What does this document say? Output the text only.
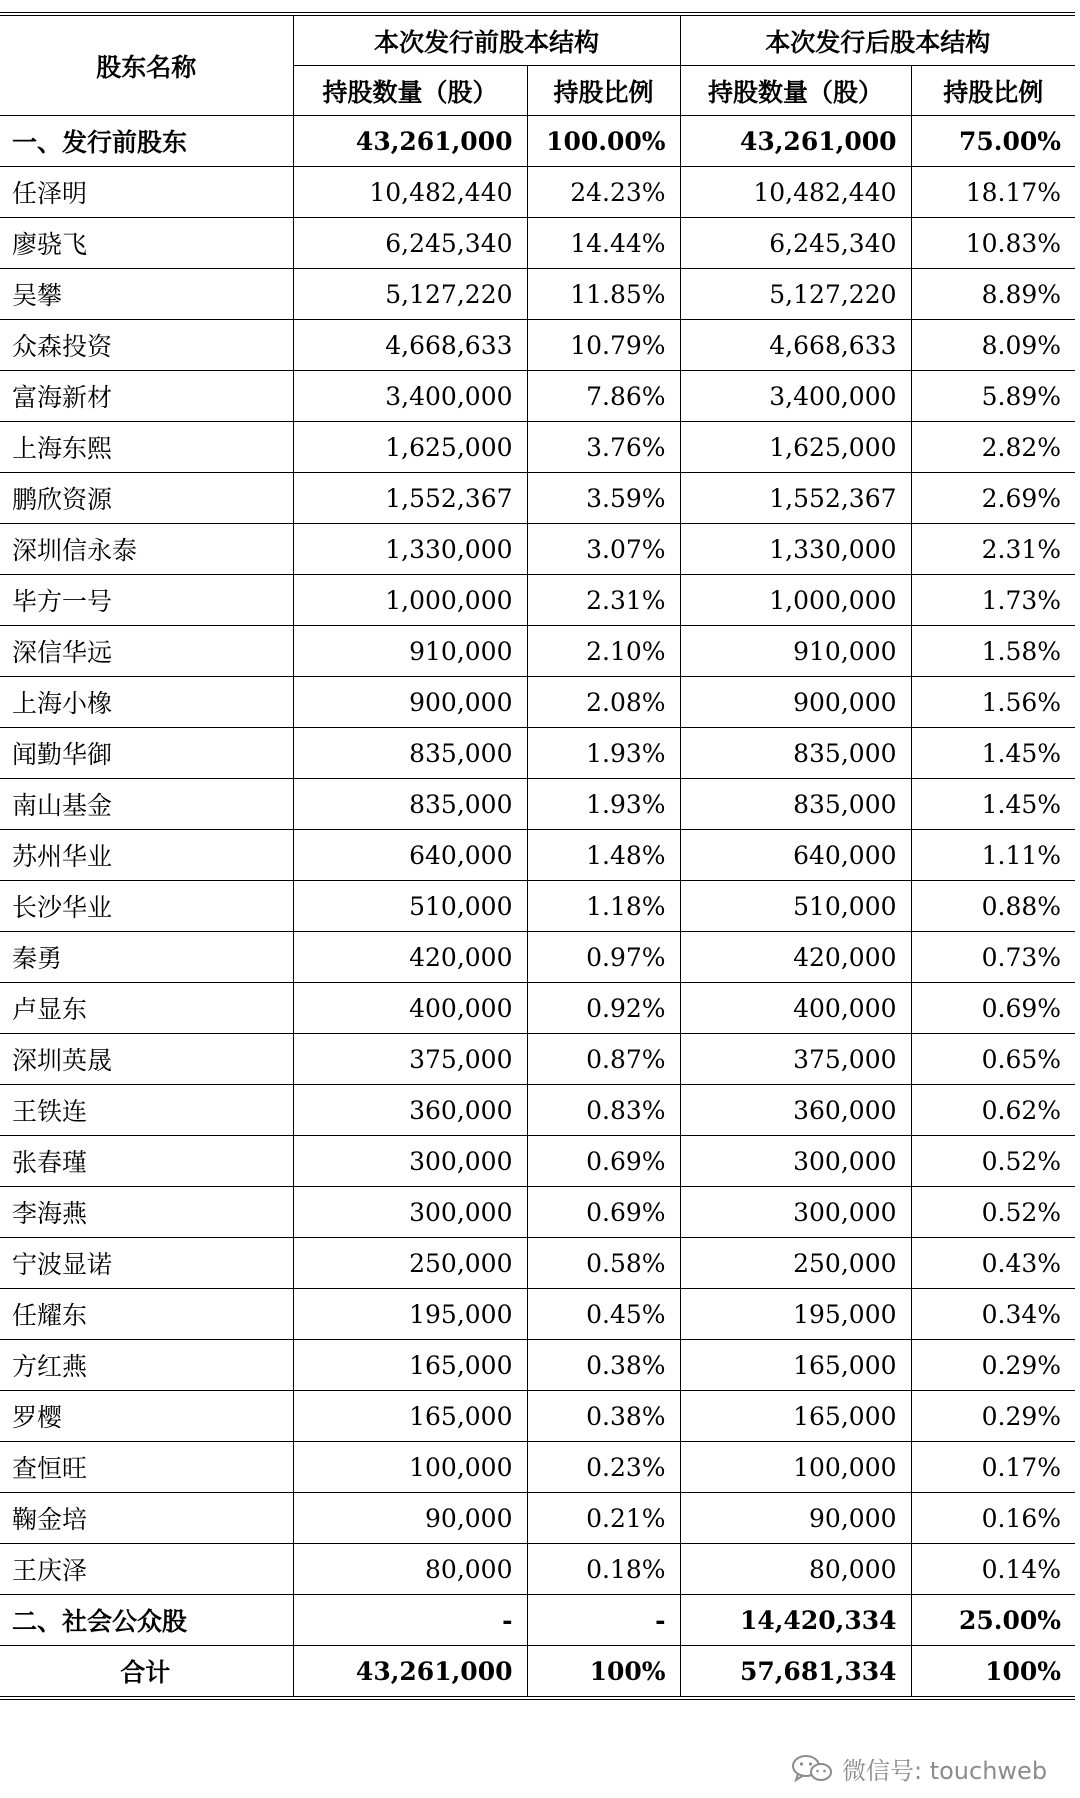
股东名称	本次发行前股本结构		本次发行后股本结构	
	持股数量（股）	持股比例	持股数量（股）	持股比例
一、发行前股东	43,261,000	100.00%	43,261,000	75.00%
任泽明	10,482,440	24.23%	10,482,440	18.17%
廖骁飞	6,245,340	14.44%	6,245,340	10.83%
吴攀	5,127,220	11.85%	5,127,220	8.89%
众森投资	4,668,633	10.79%	4,668,633	8.09%
富海新材	3,400,000	7.86%	3,400,000	5.89%
上海东熙	1,625,000	3.76%	1,625,000	2.82%
鹏欣资源	1,552,367	3.59%	1,552,367	2.69%
深圳信永泰	1,330,000	3.07%	1,330,000	2.31%
毕方一号	1,000,000	2.31%	1,000,000	1.73%
深信华远	910,000	2.10%	910,000	1.58%
上海小橡	900,000	2.08%	900,000	1.56%
闻勤华御	835,000	1.93%	835,000	1.45%
南山基金	835,000	1.93%	835,000	1.45%
苏州华业	640,000	1.48%	640,000	1.11%
长沙华业	510,000	1.18%	510,000	0.88%
秦勇	420,000	0.97%	420,000	0.73%
卢显东	400,000	0.92%	400,000	0.69%
深圳英晟	375,000	0.87%	375,000	0.65%
王铁连	360,000	0.83%	360,000	0.62%
张春瑾	300,000	0.69%	300,000	0.52%
李海燕	300,000	0.69%	300,000	0.52%
宁波显诺	250,000	0.58%	250,000	0.43%
任耀东	195,000	0.45%	195,000	0.34%
方红燕	165,000	0.38%	165,000	0.29%
罗樱	165,000	0.38%	165,000	0.29%
查恒旺	100,000	0.23%	100,000	0.17%
鞠金培	90,000	0.21%	90,000	0.16%
王庆泽	80,000	0.18%	80,000	0.14%
二、社会公众股	-	-	14,420,334	25.00%
合计	43,261,000	100%	57,681,334	100%
微信号: touchweb
